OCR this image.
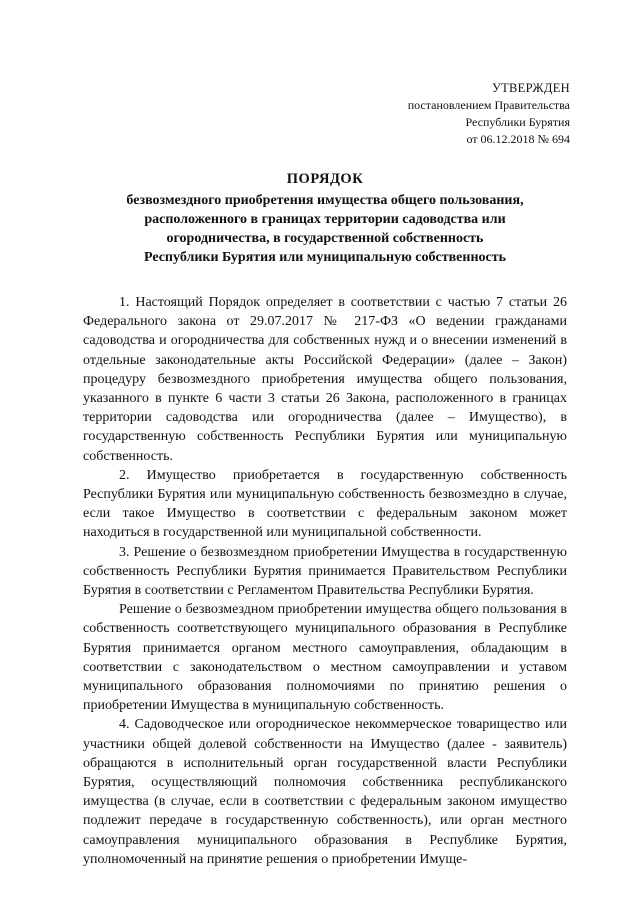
УТВЕРЖДЕН
постановлением Правительства
Республики Бурятия
от 06.12.2018 № 694
ПОРЯДОК
безвозмездного приобретения имущества общего пользования,
расположенного в границах территории садоводства или
огородничества, в государственной собственность
Республики Бурятия или муниципальную собственность

1. Настоящий Порядок определяет в соответствии с частью 7 статьи 26 Федерального закона от 29.07.2017 № 217-ФЗ «О ведении гражданами садоводства и огородничества для собственных нужд и о внесении изменений в отдельные законодательные акты Российской Федерации» (далее – Закон) процедуру безвозмездного приобретения имущества общего пользования, указанного в пункте 6 части 3 статьи 26 Закона, расположенного в границах территории садоводства или огородничества (далее – Имущество), в государственную собственность Республики Бурятия или муниципальную собственность.

2. Имущество приобретается в государственную собственность Республики Бурятия или муниципальную собственность безвозмездно в случае, если такое Имущество в соответствии с федеральным законом может находиться в государственной или муниципальной собственности.

3. Решение о безвозмездном приобретении Имущества в государственную собственность Республики Бурятия принимается Правительством Республики Бурятия в соответствии с Регламентом Правительства Республики Бурятия.

Решение о безвозмездном приобретении имущества общего пользования в собственность соответствующего муниципального образования в Республике Бурятия принимается органом местного самоуправления, обладающим в соответствии с законодательством о местном самоуправлении и уставом муниципального образования полномочиями по принятию решения о приобретении Имущества в муниципальную собственность.

4. Садоводческое или огородническое некоммерческое товарищество или участники общей долевой собственности на Имущество (далее - заявитель) обращаются в исполнительный орган государственной власти Республики Бурятия, осуществляющий полномочия собственника республиканского имущества (в случае, если в соответствии с федеральным законом имущество подлежит передаче в государственную собственность), или орган местного самоуправления муниципального образования в Республике Бурятия, уполномоченный на принятие решения о приобретении Имуще-
